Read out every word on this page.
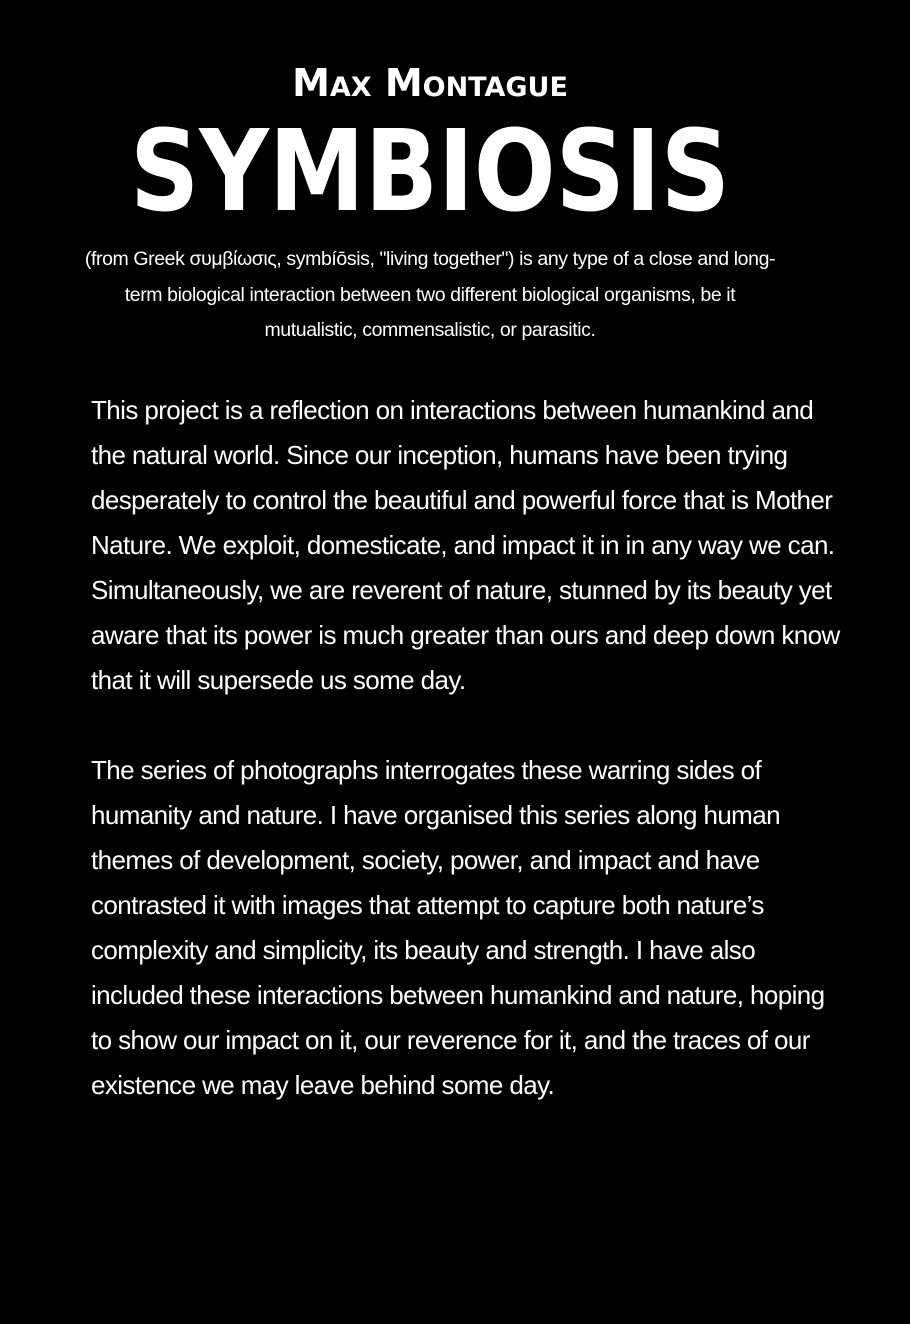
Max Montague
SYMBIOSIS
(from Greek συμβίωσις, symbíōsis, "living together") is any type of a close and long-term biological interaction between two different biological organisms, be it mutualistic, commensalistic, or parasitic.

This project is a reflection on interactions between humankind and the natural world. Since our inception, humans have been trying desperately to control the beautiful and powerful force that is Mother Nature. We exploit, domesticate, and impact it in in any way we can. Simultaneously, we are reverent of nature, stunned by its beauty yet aware that its power is much greater than ours and deep down know that it will supersede us some day.

The series of photographs interrogates these warring sides of humanity and nature. I have organised this series along human themes of development, society, power, and impact and have contrasted it with images that attempt to capture both nature’s complexity and simplicity, its beauty and strength. I have also included these interactions between humankind and nature, hoping to show our impact on it, our reverence for it, and the traces of our existence we may leave behind some day.
